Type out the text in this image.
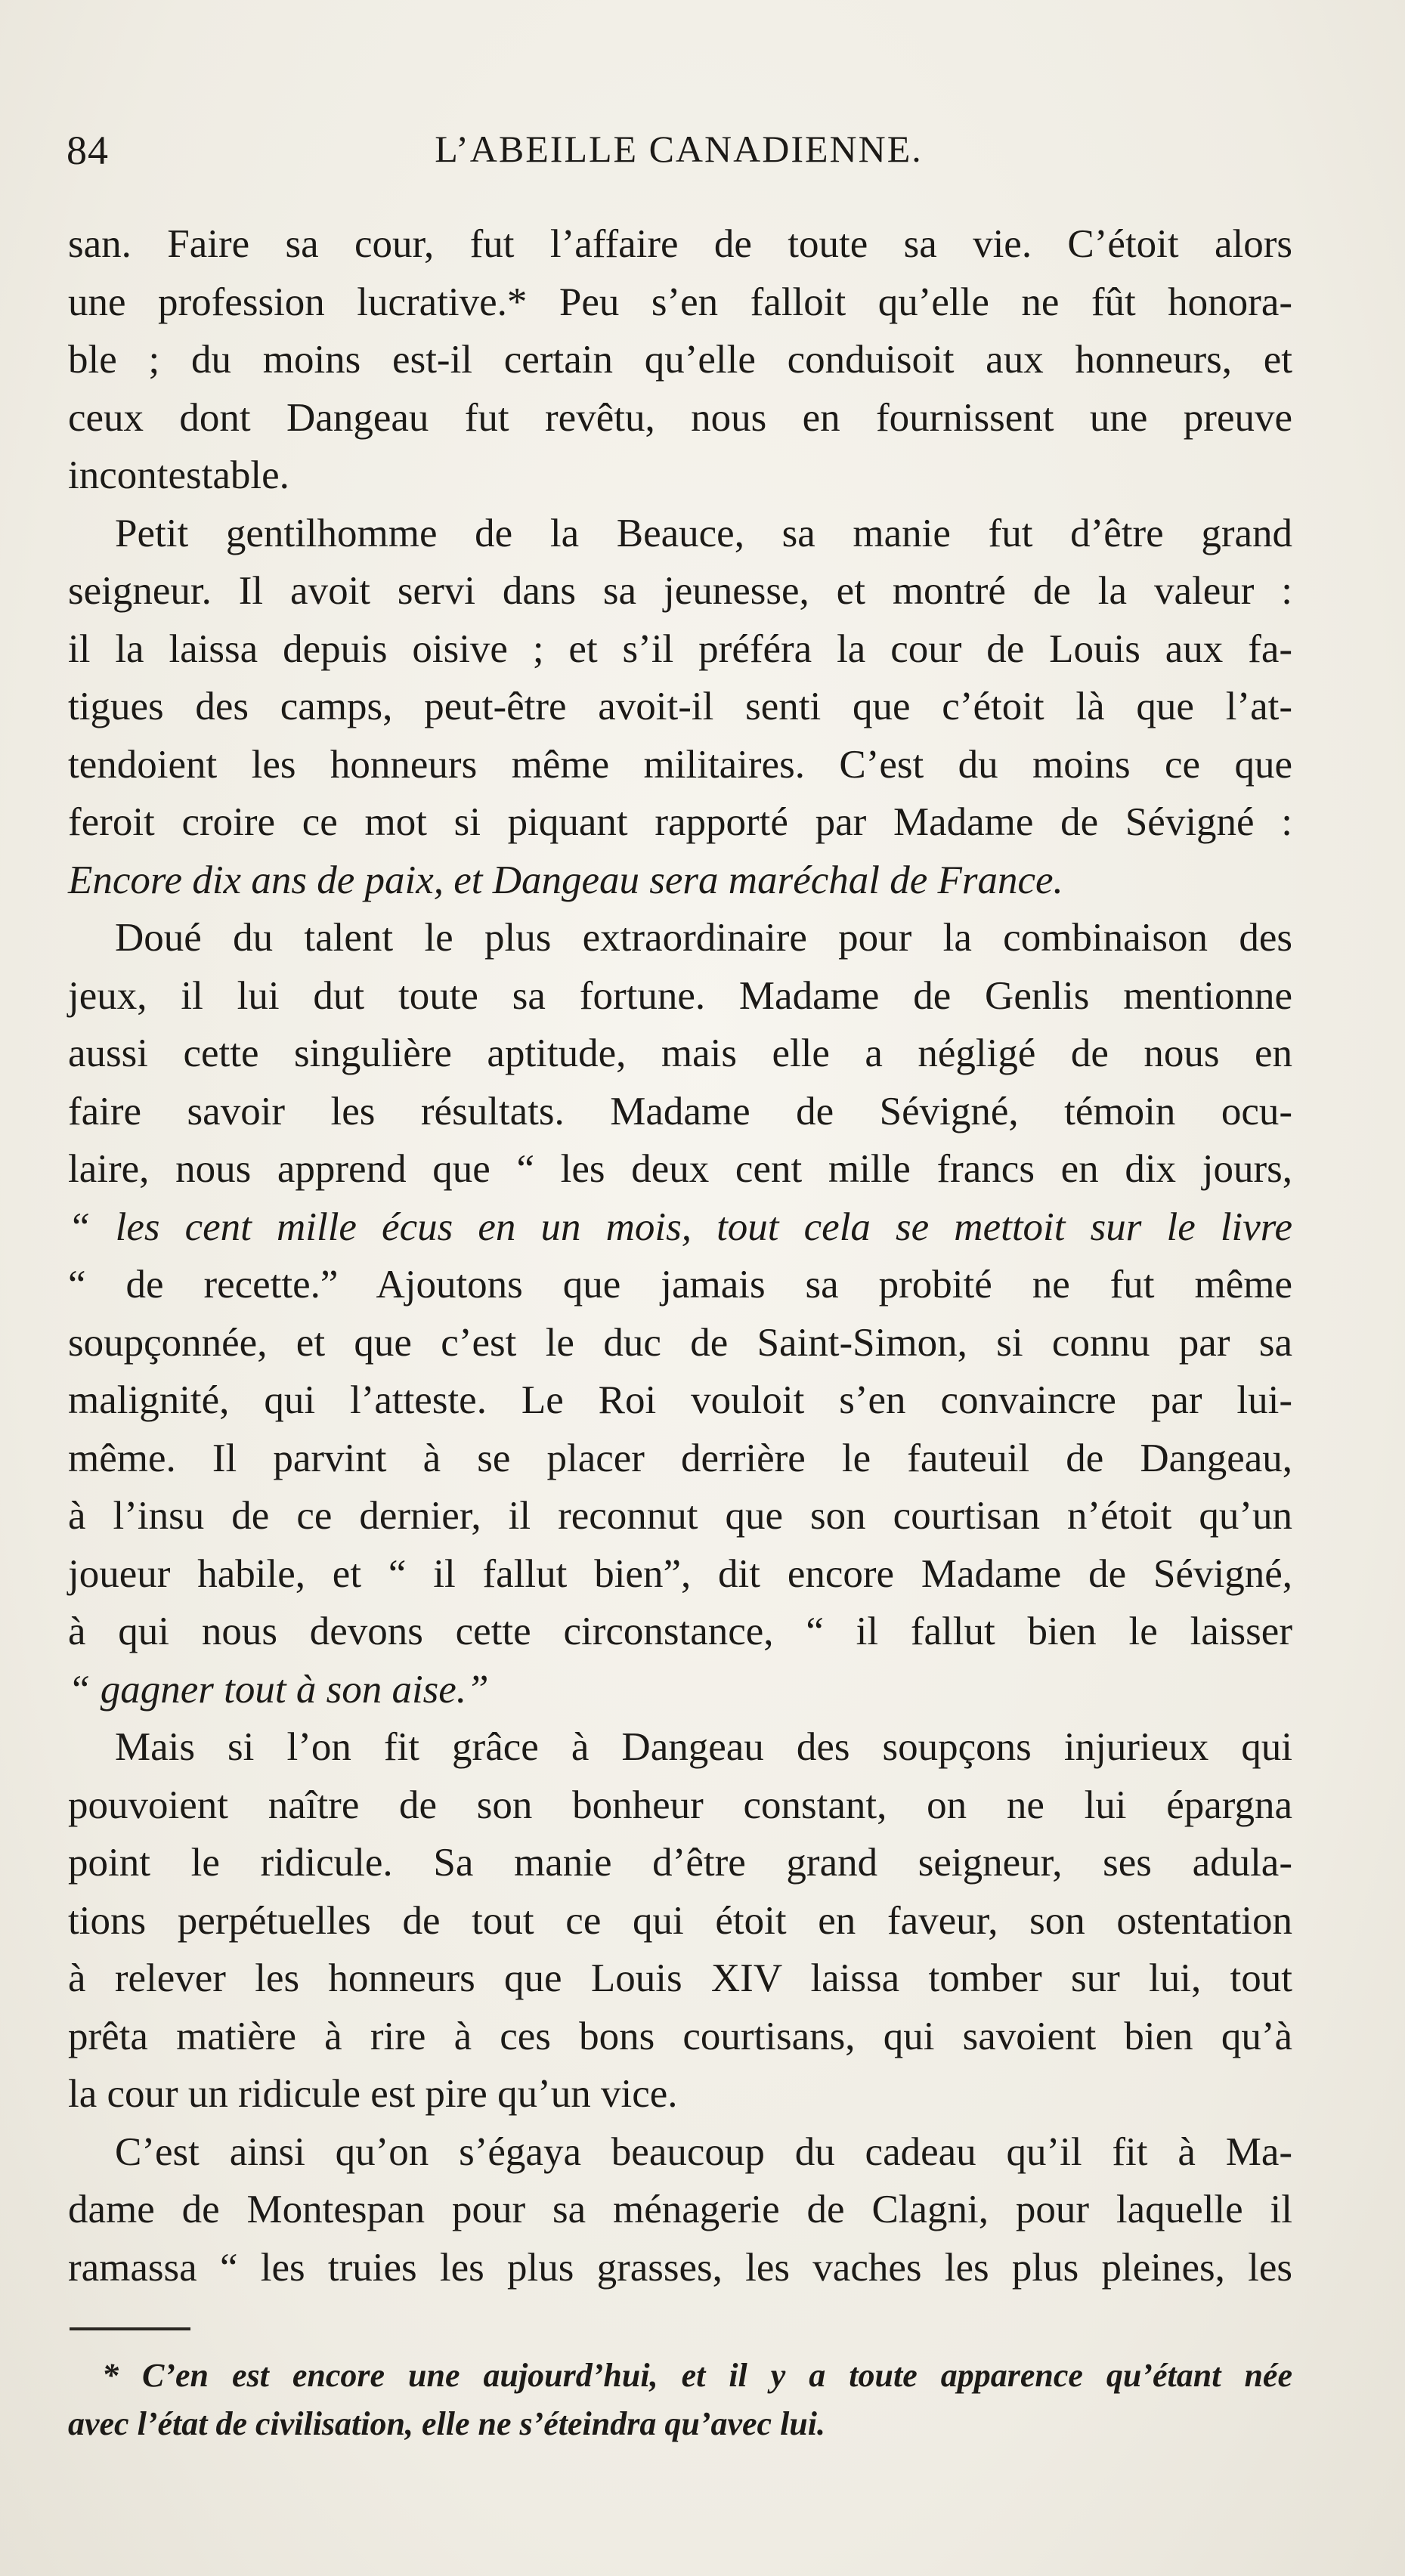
84	L’ABEILLE CANADIENNE.
san. Faire sa cour, fut l’affaire de toute sa vie. C’étoit alors
une profession lucrative.* Peu s’en falloit qu’elle ne fût honora-
ble ; du moins est-il certain qu’elle conduisoit aux honneurs, et
ceux dont Dangeau fut revêtu, nous en fournissent une preuve
incontestable.
Petit gentilhomme de la Beauce, sa manie fut d’être grand
seigneur. Il avoit servi dans sa jeunesse, et montré de la valeur :
il la laissa depuis oisive ; et s’il préféra la cour de Louis aux fa-
tigues des camps, peut-être avoit-il senti que c’étoit là que l’at-
tendoient les honneurs même militaires. C’est du moins ce que
feroit croire ce mot si piquant rapporté par Madame de Sévigné :
Encore dix ans de paix, et Dangeau sera maréchal de France.
Doué du talent le plus extraordinaire pour la combinaison des
jeux, il lui dut toute sa fortune. Madame de Genlis mentionne
aussi cette singulière aptitude, mais elle a négligé de nous en
faire savoir les résultats. Madame de Sévigné, témoin ocu-
laire, nous apprend que “ les deux cent mille francs en dix jours,
“ les cent mille écus en un mois, tout cela se mettoit sur le livre
“ de recette.” Ajoutons que jamais sa probité ne fut même
soupçonnée, et que c’est le duc de Saint-Simon, si connu par sa
malignité, qui l’atteste. Le Roi vouloit s’en convaincre par lui-
même. Il parvint à se placer derrière le fauteuil de Dangeau,
à l’insu de ce dernier, il reconnut que son courtisan n’étoit qu’un
joueur habile, et “ il fallut bien”, dit encore Madame de Sévigné,
à qui nous devons cette circonstance, “ il fallut bien le laisser
“ gagner tout à son aise.”
Mais si l’on fit grâce à Dangeau des soupçons injurieux qui
pouvoient naître de son bonheur constant, on ne lui épargna
point le ridicule. Sa manie d’être grand seigneur, ses adula-
tions perpétuelles de tout ce qui étoit en faveur, son ostentation
à relever les honneurs que Louis XIV laissa tomber sur lui, tout
prêta matière à rire à ces bons courtisans, qui savoient bien qu’à
la cour un ridicule est pire qu’un vice.
C’est ainsi qu’on s’égaya beaucoup du cadeau qu’il fit à Ma-
dame de Montespan pour sa ménagerie de Clagni, pour laquelle il
ramassa “ les truies les plus grasses, les vaches les plus pleines, les
* C’en est encore une aujourd’hui, et il y a toute apparence qu’étant née
avec l’état de civilisation, elle ne s’éteindra qu’avec lui.
